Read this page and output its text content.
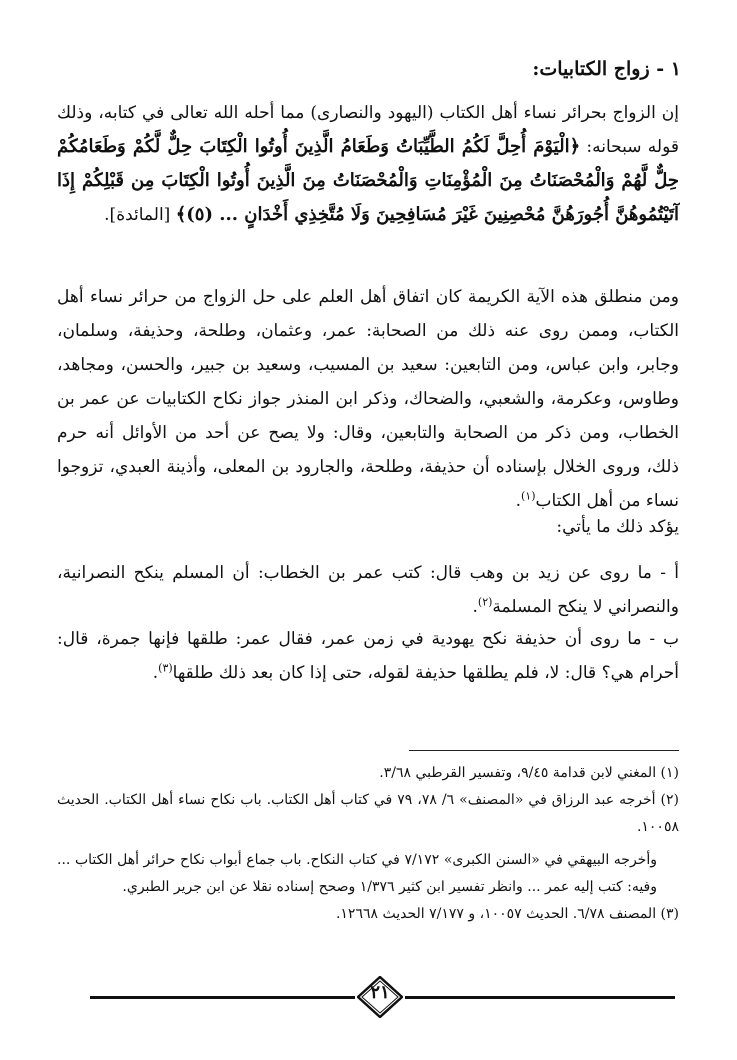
١ - زواج الكتابيات:

إن الزواج بحرائر نساء أهل الكتاب (اليهود والنصارى) مما أحله الله تعالى في كتابه، وذلك قوله سبحانه: ﴿الْيَوْمَ أُحِلَّ لَكُمُ الطَّيِّبَاتُ وَطَعَامُ الَّذِينَ أُوتُوا الْكِتَابَ حِلٌّ لَّكُمْ وَطَعَامُكُمْ حِلٌّ لَّهُمْ وَالْمُحْصَنَاتُ مِنَ الْمُؤْمِنَاتِ وَالْمُحْصَنَاتُ مِنَ الَّذِينَ أُوتُوا الْكِتَابَ مِن قَبْلِكُمْ إِذَا آتَيْتُمُوهُنَّ أُجُورَهُنَّ مُحْصِنِينَ غَيْرَ مُسَافِحِينَ وَلَا مُتَّخِذِي أَخْدَانٍ ... (٥)﴾ [المائدة].

ومن منطلق هذه الآية الكريمة كان اتفاق أهل العلم على حل الزواج من حرائر نساء أهل الكتاب، وممن روى عنه ذلك من الصحابة: عمر، وعثمان، وطلحة، وحذيفة، وسلمان، وجابر، وابن عباس، ومن التابعين: سعيد بن المسيب، وسعيد بن جبير، والحسن، ومجاهد، وطاوس، وعكرمة، والشعبي، والضحاك، وذكر ابن المنذر جواز نكاح الكتابيات عن عمر بن الخطاب، ومن ذكر من الصحابة والتابعين، وقال: ولا يصح عن أحد من الأوائل أنه حرم ذلك، وروى الخلال بإسناده أن حذيفة، وطلحة، والجارود بن المعلى، وأذينة العبدي، تزوجوا نساء من أهل الكتاب$^{(١)}$.

يؤكد ذلك ما يأتي:

أ - ما روى عن زيد بن وهب قال: كتب عمر بن الخطاب: أن المسلم ينكح النصرانية، والنصراني لا ينكح المسلمة$^{(٢)}$.

ب - ما روى أن حذيفة نكح يهودية في زمن عمر، فقال عمر: طلقها فإنها جمرة، قال: أحرام هي؟ قال: لا، فلم يطلقها حذيفة لقوله، حتى إذا كان بعد ذلك طلقها$^{(٣)}$.

(١) المغني لابن قدامة ٩/٤٥، وتفسير القرطبي ٣/٦٨.

(٢) أخرجه عبد الرزاق في «المصنف» ٦/ ٧٨، ٧٩ في كتاب أهل الكتاب. باب نكاح نساء أهل الكتاب. الحديث ١٠٠٥٨.

وأخرجه البيهقي في «السنن الكبرى» ٧/١٧٢ في كتاب النكاح. باب جماع أبواب نكاح حرائر أهل الكتاب ... وفيه: كتب إليه عمر ... وانظر تفسير ابن كثير ١/٣٧٦ وصحح إسناده نقلا عن ابن جرير الطبري.

(٣) المصنف ٦/٧٨. الحديث ١٠٠٥٧، و ٧/١٧٧ الحديث ١٢٦٦٨.

٢١
